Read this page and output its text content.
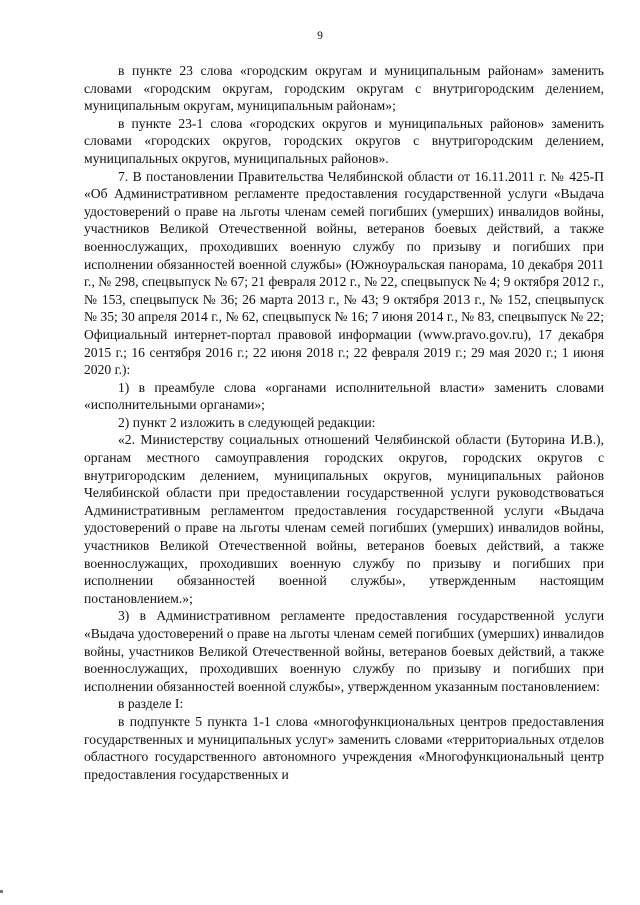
9

в пункте 23 слова «городским округам и муниципальным районам» заменить словами «городским округам, городским округам с внутригородским делением, муниципальным округам, муниципальным районам»;

в пункте 23-1 слова «городских округов и муниципальных районов» заменить словами «городских округов, городских округов с внутригородским делением, муниципальных округов, муниципальных районов».

7. В постановлении Правительства Челябинской области от 16.11.2011 г. № 425-П «Об Административном регламенте предоставления государственной услуги «Выдача удостоверений о праве на льготы членам семей погибших (умерших) инвалидов войны, участников Великой Отечественной войны, ветеранов боевых действий, а также военнослужащих, проходивших военную службу по призыву и погибших при исполнении обязанностей военной службы» (Южноуральская панорама, 10 декабря 2011 г., № 298, спецвыпуск № 67; 21 февраля 2012 г., № 22, спецвыпуск № 4; 9 октября 2012 г., № 153, спецвыпуск № 36; 26 марта 2013 г., № 43; 9 октября 2013 г., № 152, спецвыпуск № 35; 30 апреля 2014 г., № 62, спецвыпуск № 16; 7 июня 2014 г., № 83, спецвыпуск № 22; Официальный интернет-портал правовой информации (www.pravo.gov.ru), 17 декабря 2015 г.; 16 сентября 2016 г.; 22 июня 2018 г.; 22 февраля 2019 г.; 29 мая 2020 г.; 1 июня 2020 г.):

1) в преамбуле слова «органами исполнительной власти» заменить словами «исполнительными органами»;

2) пункт 2 изложить в следующей редакции:

«2. Министерству социальных отношений Челябинской области (Буторина И.В.), органам местного самоуправления городских округов, городских округов с внутригородским делением, муниципальных округов, муниципальных районов Челябинской области при предоставлении государственной услуги руководствоваться Административным регламентом предоставления государственной услуги «Выдача удостоверений о праве на льготы членам семей погибших (умерших) инвалидов войны, участников Великой Отечественной войны, ветеранов боевых действий, а также военнослужащих, проходивших военную службу по призыву и погибших при исполнении обязанностей военной службы», утвержденным настоящим постановлением.»;

3) в Административном регламенте предоставления государственной услуги «Выдача удостоверений о праве на льготы членам семей погибших (умерших) инвалидов войны, участников Великой Отечественной войны, ветеранов боевых действий, а также военнослужащих, проходивших военную службу по призыву и погибших при исполнении обязанностей военной службы», утвержденном указанным постановлением:

в разделе I:

в подпункте 5 пункта 1-1 слова «многофункциональных центров предоставления государственных и муниципальных услуг» заменить словами «территориальных отделов областного государственного автономного учреждения «Многофункциональный центр предоставления государственных и
